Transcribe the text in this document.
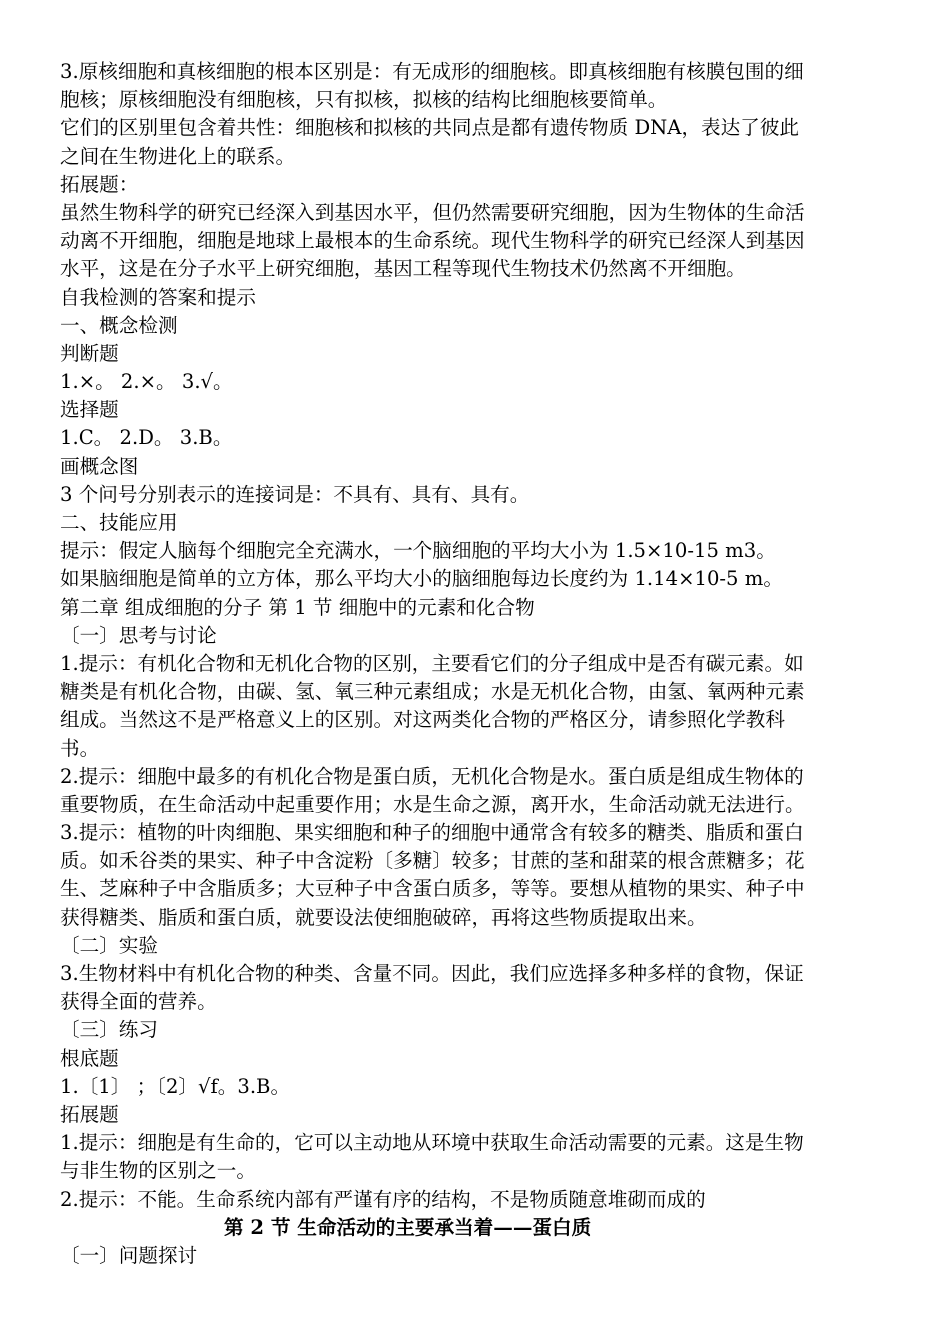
3.原核细胞和真核细胞的根本区别是：有无成形的细胞核。即真核细胞有核膜包围的细
胞核；原核细胞没有细胞核，只有拟核，拟核的结构比细胞核要简单。
它们的区别里包含着共性：细胞核和拟核的共同点是都有遗传物质 DNA，表达了彼此
之间在生物进化上的联系。
拓展题：
虽然生物科学的研究已经深入到基因水平，但仍然需要研究细胞，因为生物体的生命活
动离不开细胞，细胞是地球上最根本的生命系统。现代生物科学的研究已经深人到基因
水平，这是在分子水平上研究细胞，基因工程等现代生物技术仍然离不开细胞。
自我检测的答案和提示
一、概念检测
判断题
1.×。 2.×。 3.√。
选择题
1.C。 2.D。 3.B。
画概念图
3 个问号分别表示的连接词是：不具有、具有、具有。
二、技能应用
提示：假定人脑每个细胞完全充满水，一个脑细胞的平均大小为 1.5×10-15 m3。
如果脑细胞是简单的立方体，那么平均大小的脑细胞每边长度约为 1.14×10-5 m。
第二章 组成细胞的分子 第 1 节 细胞中的元素和化合物
〔一〕思考与讨论
1.提示：有机化合物和无机化合物的区别，主要看它们的分子组成中是否有碳元素。如
糖类是有机化合物，由碳、氢、氧三种元素组成；水是无机化合物，由氢、氧两种元素
组成。当然这不是严格意义上的区别。对这两类化合物的严格区分，请参照化学教科
书。
2.提示：细胞中最多的有机化合物是蛋白质，无机化合物是水。蛋白质是组成生物体的
重要物质，在生命活动中起重要作用；水是生命之源，离开水，生命活动就无法进行。
3.提示：植物的叶肉细胞、果实细胞和种子的细胞中通常含有较多的糖类、脂质和蛋白
质。如禾谷类的果实、种子中含淀粉〔多糖〕较多；甘蔗的茎和甜菜的根含蔗糖多；花
生、芝麻种子中含脂质多；大豆种子中含蛋白质多，等等。要想从植物的果实、种子中
获得糖类、脂质和蛋白质，就要设法使细胞破碎，再将这些物质提取出来。
〔二〕实验
3.生物材料中有机化合物的种类、含量不同。因此，我们应选择多种多样的食物，保证
获得全面的营养。
〔三〕练习
根底题
1.〔1〕 ；〔2〕√f。3.B。
拓展题
1.提示：细胞是有生命的，它可以主动地从环境中获取生命活动需要的元素。这是生物
与非生物的区别之一。
2.提示：不能。生命系统内部有严谨有序的结构，不是物质随意堆砌而成的
第 2 节 生命活动的主要承当着——蛋白质
〔一〕问题探讨
